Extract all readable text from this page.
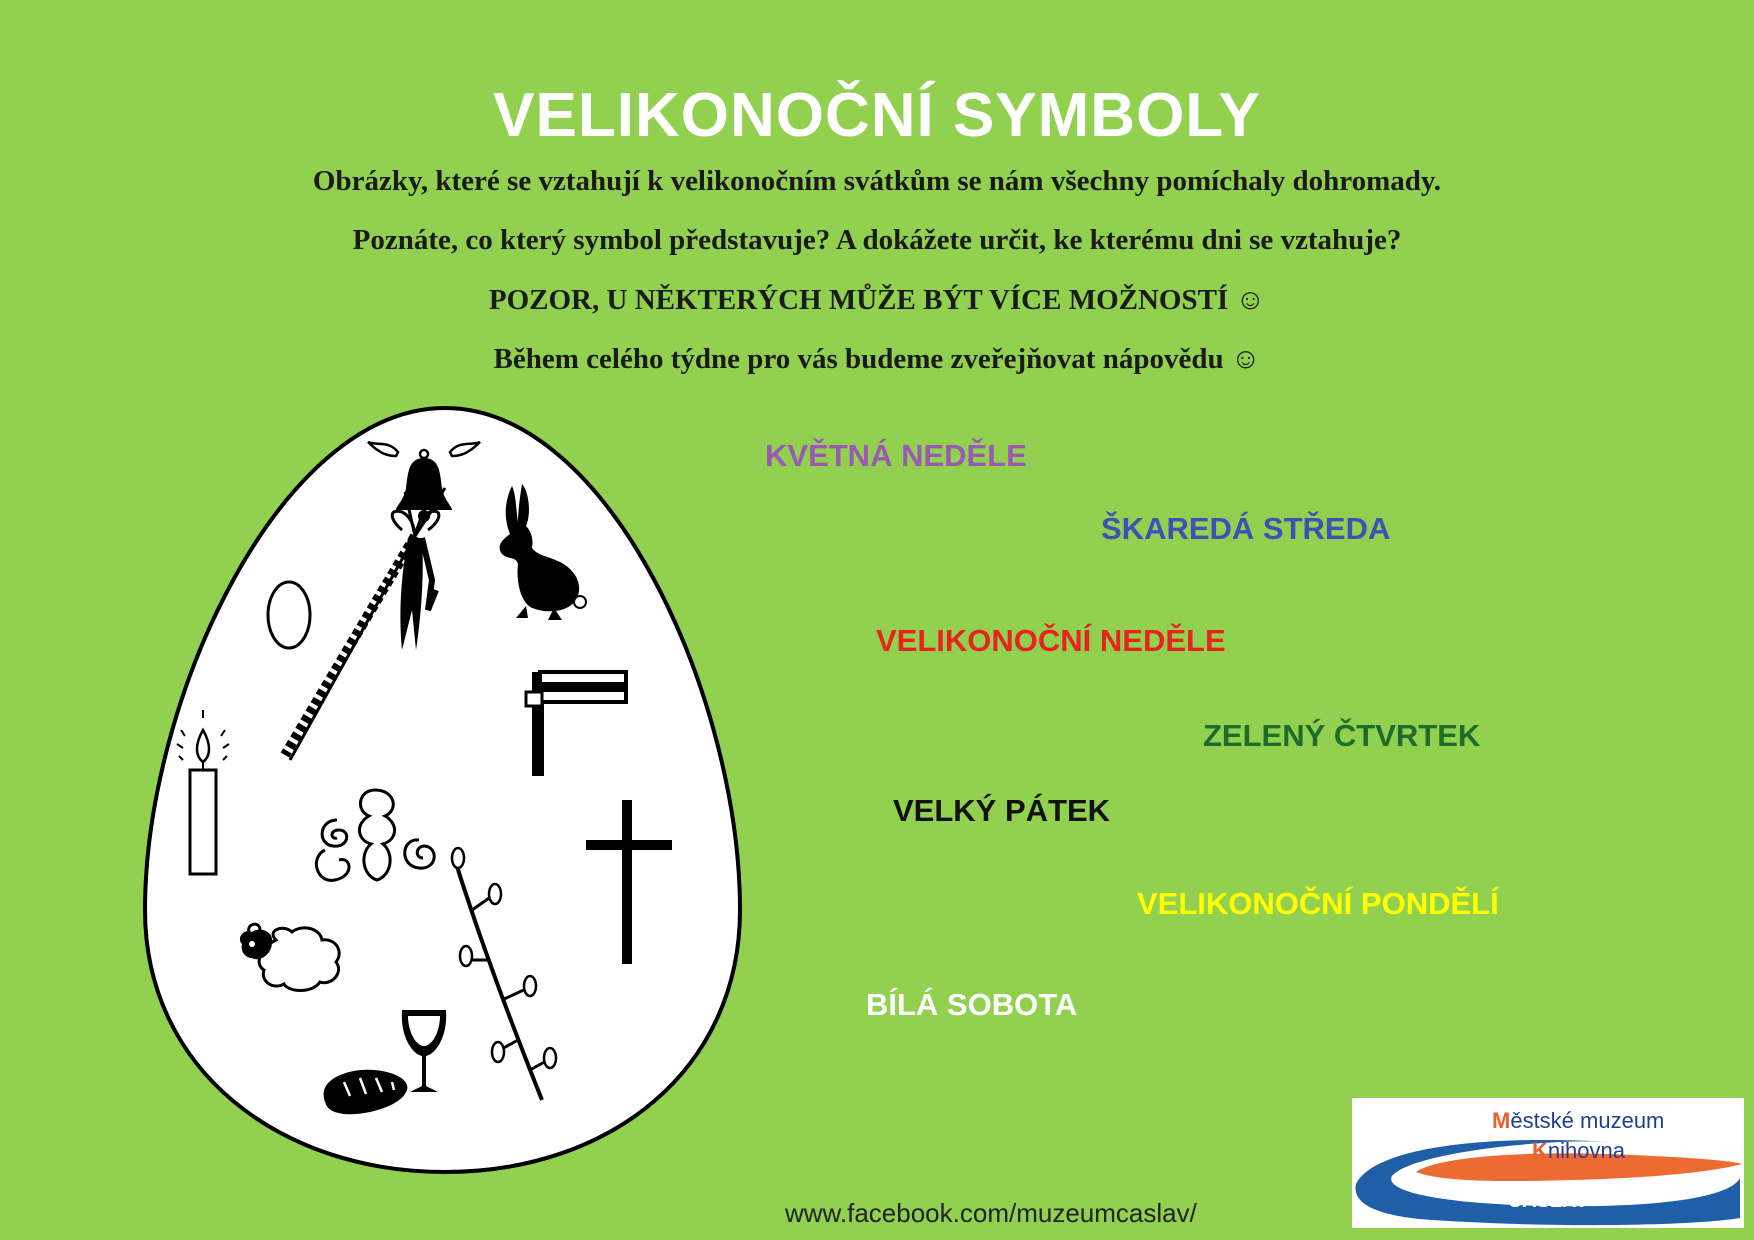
VELIKONOČNÍ SYMBOLY
Obrázky, které se vztahují k velikonočním svátkům se nám všechny pomíchaly dohromady.
Poznáte, co který symbol představuje? A dokážete určit, ke kterému dni se vztahuje?
POZOR, U NĚKTERÝCH MŮŽE BÝT VÍCE MOŽNOSTÍ ☺
Během celého týdne pro vás budeme zveřejňovat nápovědu ☺
KVĚTNÁ NEDĚLE
ŠKAREDÁ STŘEDA
VELIKONOČNÍ NEDĚLE
ZELENÝ ČTVRTEK
VELKÝ PÁTEK
VELIKONOČNÍ PONDĚLÍ
BÍLÁ SOBOTA
Městské muzeum
Knihovna
ČÁSLAV
www.facebook.com/muzeumcaslav/
